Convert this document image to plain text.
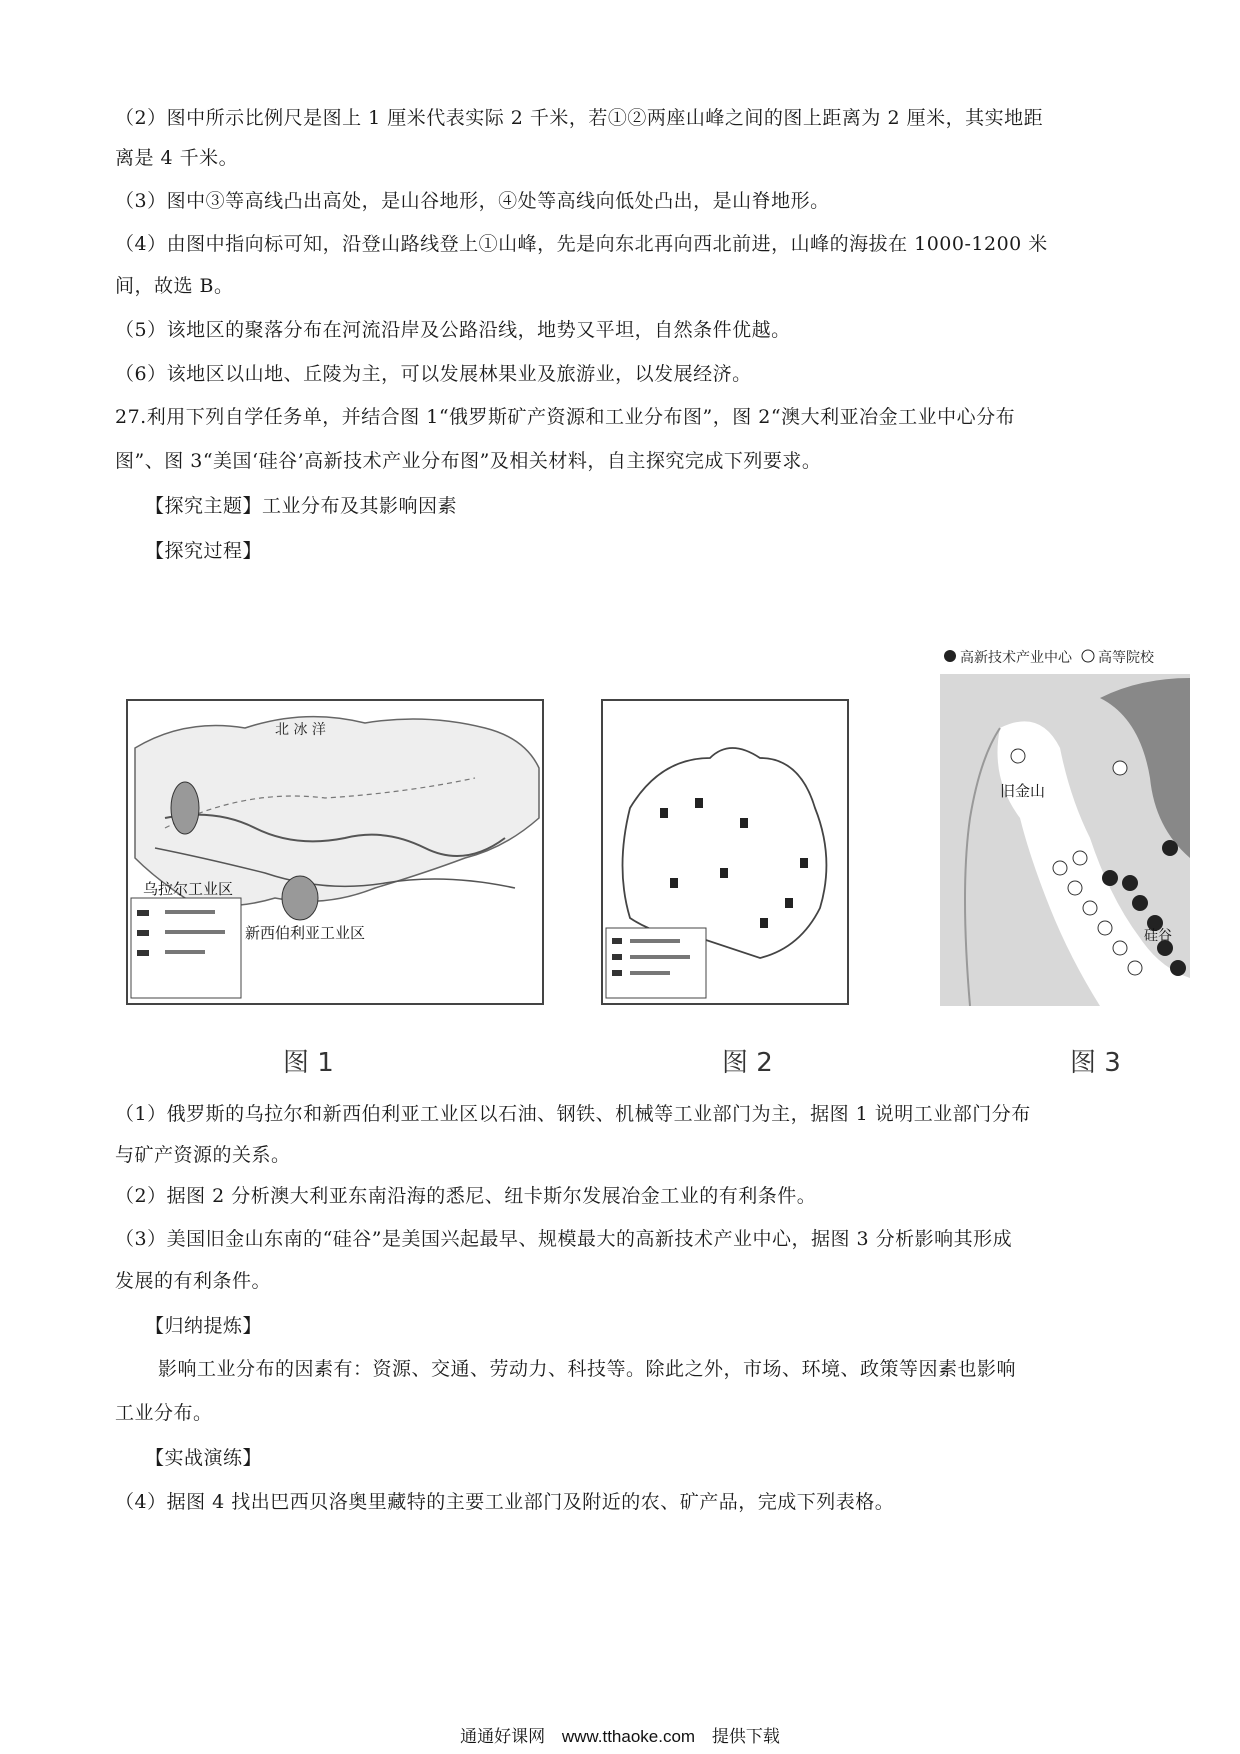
（2）图中所示比例尺是图上 1 厘米代表实际 2 千米，若①②两座山峰之间的图上距离为 2 厘米，其实地距
离是 4 千米。
（3）图中③等高线凸出高处，是山谷地形，④处等高线向低处凸出，是山脊地形。
（4）由图中指向标可知，沿登山路线登上①山峰，先是向东北再向西北前进，山峰的海拔在 1000-1200 米
间，故选 B。
（5）该地区的聚落分布在河流沿岸及公路沿线，地势又平坦，自然条件优越。
（6）该地区以山地、丘陵为主，可以发展林果业及旅游业，以发展经济。
27.利用下列自学任务单，并结合图 1“俄罗斯矿产资源和工业分布图”，图 2“澳大利亚冶金工业中心分布
图”、图 3“美国‘硅谷’高新技术产业分布图”及相关材料，自主探究完成下列要求。
【探究主题】工业分布及其影响因素
【探究过程】
北 冰 洋
乌拉尔工业区
新西伯利亚工业区
高新技术产业中心 高等院校
旧金山
硅谷
图 1	图 2	图 3
（1）俄罗斯的乌拉尔和新西伯利亚工业区以石油、钢铁、机械等工业部门为主，据图 1 说明工业部门分布
与矿产资源的关系。
（2）据图 2 分析澳大利亚东南沿海的悉尼、纽卡斯尔发展冶金工业的有利条件。
（3）美国旧金山东南的“硅谷”是美国兴起最早、规模最大的高新技术产业中心，据图 3 分析影响其形成
发展的有利条件。
【归纳提炼】
影响工业分布的因素有：资源、交通、劳动力、科技等。除此之外，市场、环境、政策等因素也影响
工业分布。
【实战演练】
（4）据图 4 找出巴西贝洛奥里藏特的主要工业部门及附近的农、矿产品，完成下列表格。
通通好课网 www.tthaoke.com 提供下载
